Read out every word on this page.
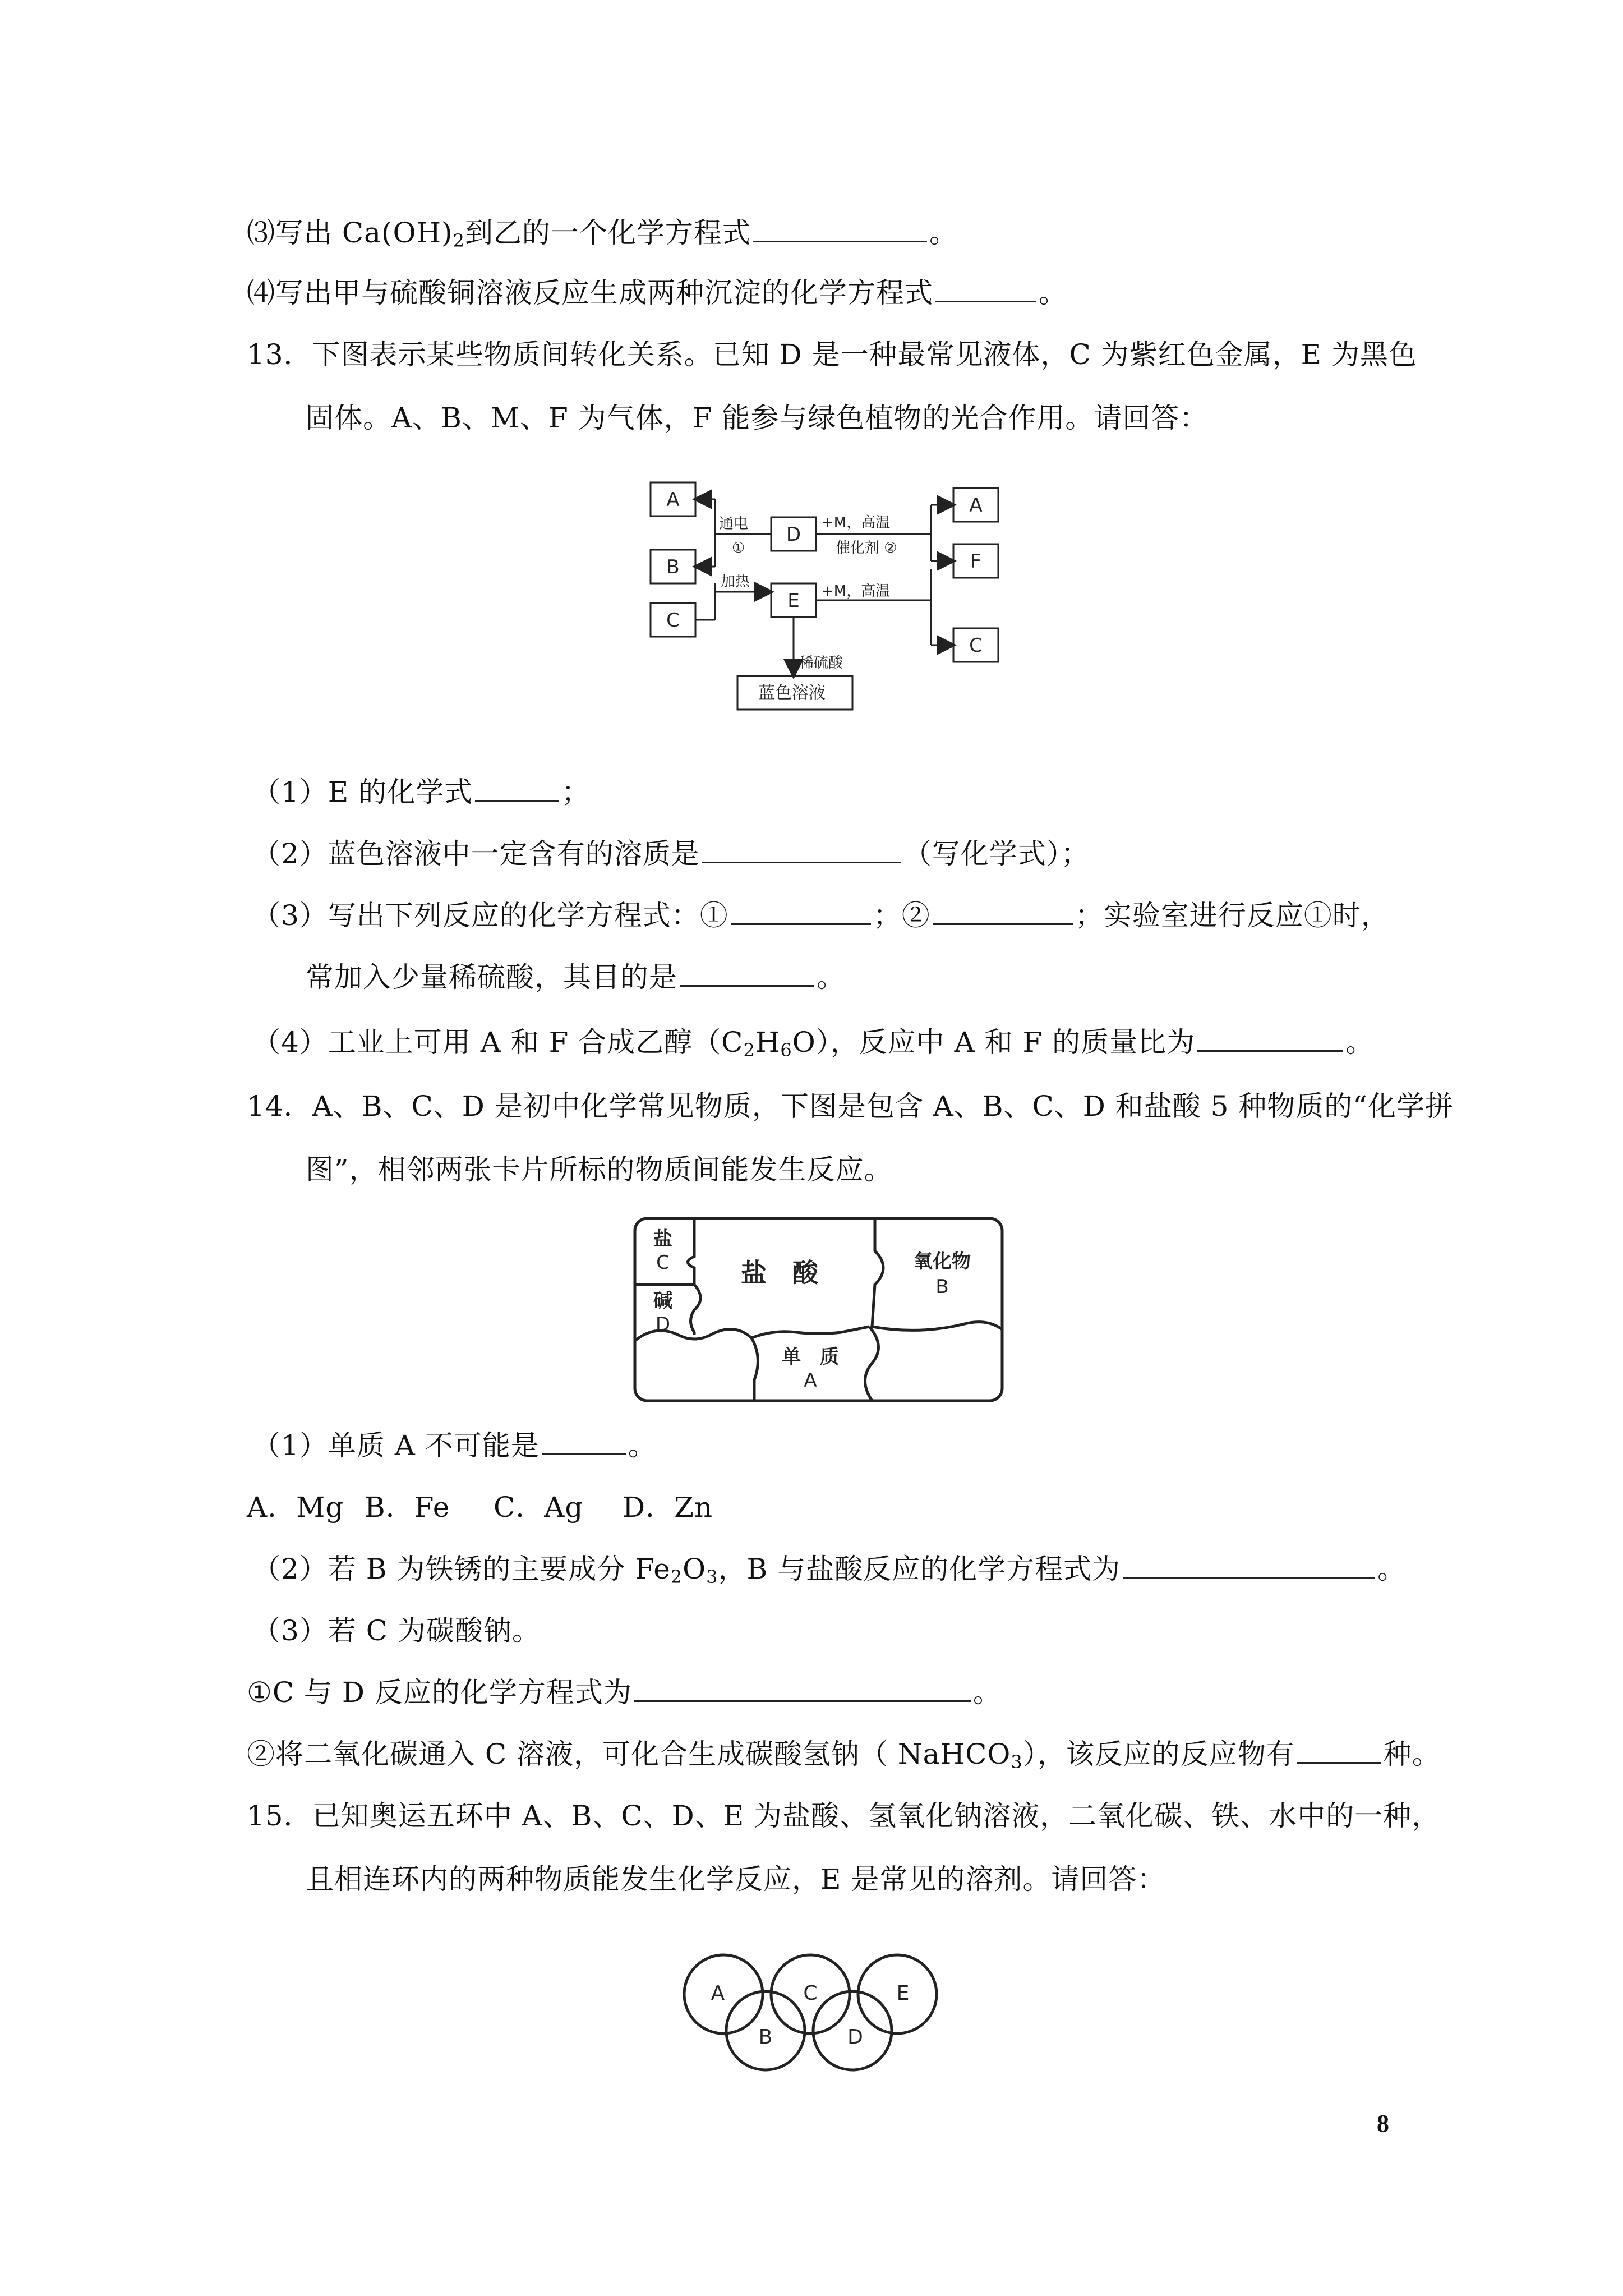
⑶写出 $Ca(OH)_2$到乙的一个化学方程式	。
⑷写出甲与硫酸铜溶液反应生成两种沉淀的化学方程式	。
13．下图表示某些物质间转化关系。已知 D 是一种最常见液体，C 为紫红色金属，E 为黑色
固体。A、B、M、F 为气体，F 能参与绿色植物的光合作用。请回答：
A
B
C
D
E
A
F
C
通电
①
+M，高温
催化剂 ②
加热
+M，高温
稀硫酸
蓝色溶液
（1）E 的化学式	；
（2）蓝色溶液中一定含有的溶质是	（写化学式）；
（3）写出下列反应的化学方程式：①	；②	；实验室进行反应①时，
常加入少量稀硫酸，其目的是	。
（4）工业上可用 A 和 F 合成乙醇$(C_2H_6O)$，反应中 A 和 F 的质量比为	。
14．A、B、C、D 是初中化学常见物质，下图是包含 A、B、C、D 和盐酸 5 种物质的“化学拼
图”，相邻两张卡片所标的物质间能发生反应。
盐
C
碱
D
盐　酸	氧化物
B
单　质
A
（1）单质 A 不可能是	。
A．Mg B．Fe C．Ag D．Zn
（2）若 B 为铁锈的主要成分 $Fe_2O_3$，B 与盐酸反应的化学方程式为	。
（3）若 C 为碳酸钠。
①C 与 D 反应的化学方程式为	。
②将二氧化碳通入 C 溶液，可化合生成碳酸氢钠（ NaHCO$_3$），该反应的反应物有	种。
15．已知奥运五环中 A、B、C、D、E 为盐酸、氢氧化钠溶液，二氧化碳、铁、水中的一种，
且相连环内的两种物质能发生化学反应，E 是常见的溶剂。请回答：
A
B
C
D
E
8
